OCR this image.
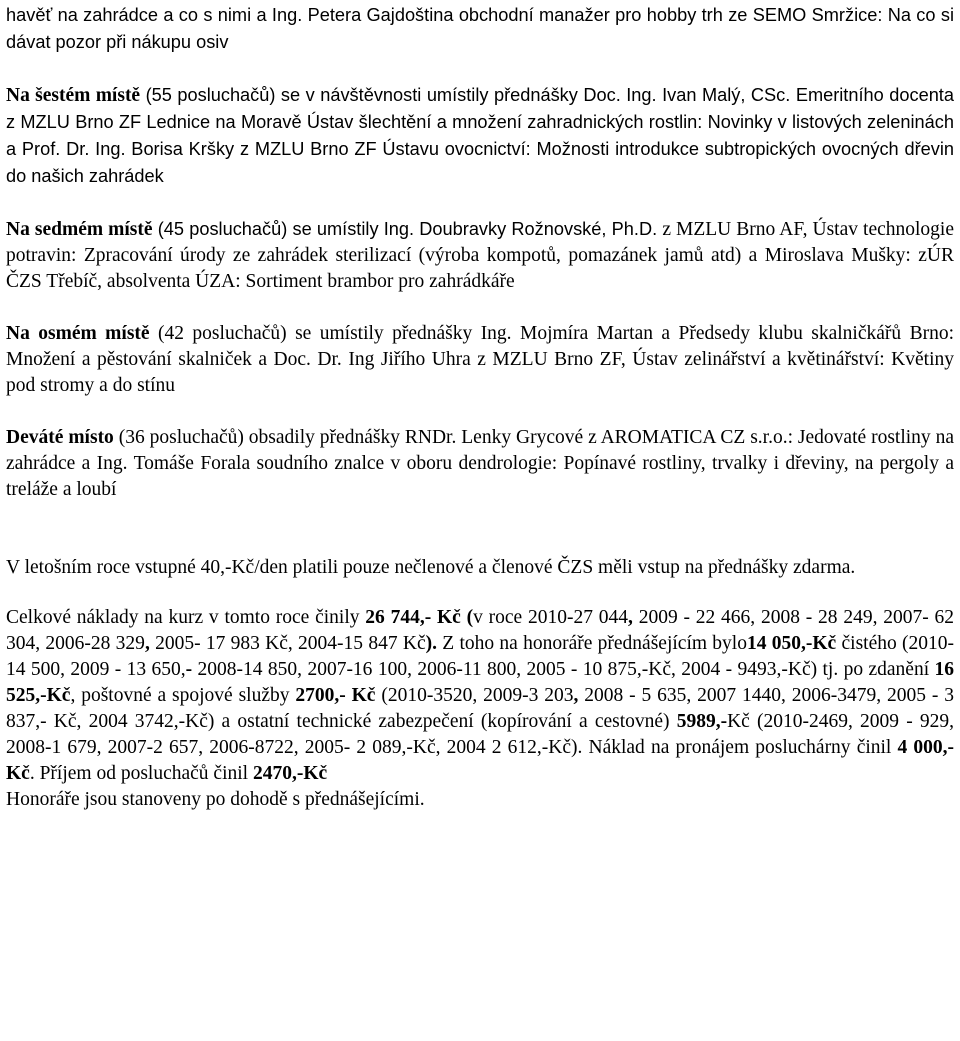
havěť na zahrádce a co s nimi a Ing. Petera Gajdoština obchodní manažer pro hobby trh ze SEMO Smržice: Na co si dávat pozor při nákupu osiv

Na šestém místě (55 posluchačů) se v návštěvnosti umístily přednášky Doc. Ing. Ivan Malý, CSc. Emeritního docenta z MZLU Brno ZF Lednice na Moravě Ústav šlechtění a množení zahradnických rostlin: Novinky v listových zeleninách a Prof. Dr. Ing. Borisa Kršky z MZLU Brno ZF Ústavu ovocnictví: Možnosti introdukce subtropických ovocných dřevin do našich zahrádek

Na sedmém místě (45 posluchačů) se umístily Ing. Doubravky Rožnovské, Ph.D. z MZLU Brno AF, Ústav technologie potravin: Zpracování úrody ze zahrádek sterilizací (výroba kompotů, pomazánek jamů atd) a Miroslava Mušky: zÚR ČZS Třebíč, absolventa ÚZA: Sortiment brambor pro zahrádkáře

Na osmém místě (42 posluchačů) se umístily přednášky Ing. Mojmíra Martan a Předsedy klubu skalničkářů Brno: Množení a pěstování skalniček a Doc. Dr. Ing Jiřího Uhra z MZLU Brno ZF, Ústav zelinářství a květinářství: Květiny pod stromy a do stínu

Deváté místo (36 posluchačů) obsadily přednášky RNDr. Lenky Grycové z AROMATICA CZ s.r.o.: Jedovaté rostliny na zahrádce a Ing. Tomáše Forala soudního znalce v oboru dendrologie: Popínavé rostliny, trvalky i dřeviny, na pergoly a treláže a loubí

V letošním roce vstupné 40,-Kč/den platili pouze nečlenové a členové ČZS měli vstup na přednášky zdarma.

Celkové náklady na kurz v tomto roce činily 26 744,- Kč (v roce 2010-27 044, 2009 - 22 466, 2008 - 28 249, 2007- 62 304, 2006-28 329, 2005- 17 983 Kč, 2004-15 847 Kč). Z toho na honoráře přednášejícím bylo14 050,-Kč čistého (2010-14 500, 2009 - 13 650,- 2008-14 850, 2007-16 100, 2006-11 800, 2005 - 10 875,-Kč, 2004 - 9493,-Kč) tj. po zdanění 16 525,-Kč, poštovné a spojové služby 2700,- Kč (2010-3520, 2009-3 203, 2008 - 5 635, 2007 1440, 2006-3479, 2005 - 3 837,- Kč, 2004 3742,-Kč) a ostatní technické zabezpečení (kopírování a cestovné) 5989,-Kč (2010-2469, 2009 - 929, 2008-1 679, 2007-2 657, 2006-8722, 2005- 2 089,-Kč, 2004 2 612,-Kč). Náklad na pronájem posluchárny činil 4 000,-Kč. Příjem od posluchačů činil 2470,-Kč

Honoráře jsou stanoveny po dohodě s přednášejícími.
